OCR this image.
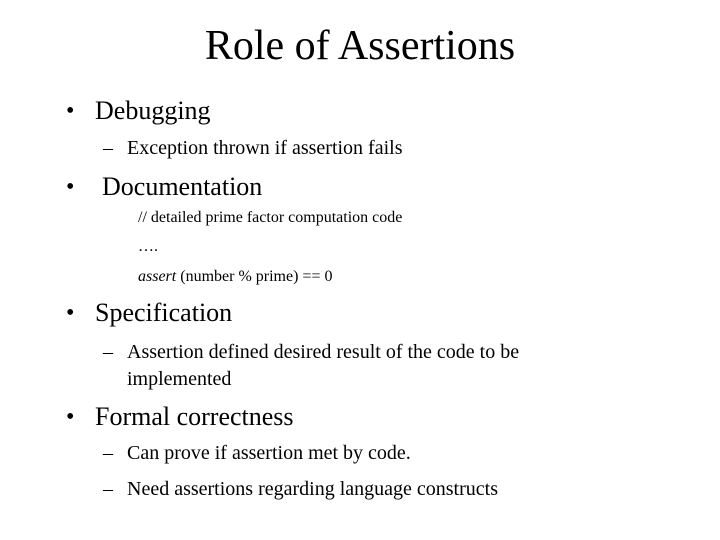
Role of Assertions
• Debugging
– Exception thrown if assertion fails
• Documentation
// detailed prime factor computation code
….
assert (number % prime) == 0
• Specification
– Assertion defined desired result of the code to be
implemented
• Formal correctness
– Can prove if assertion met by code.
– Need assertions regarding language constructs
